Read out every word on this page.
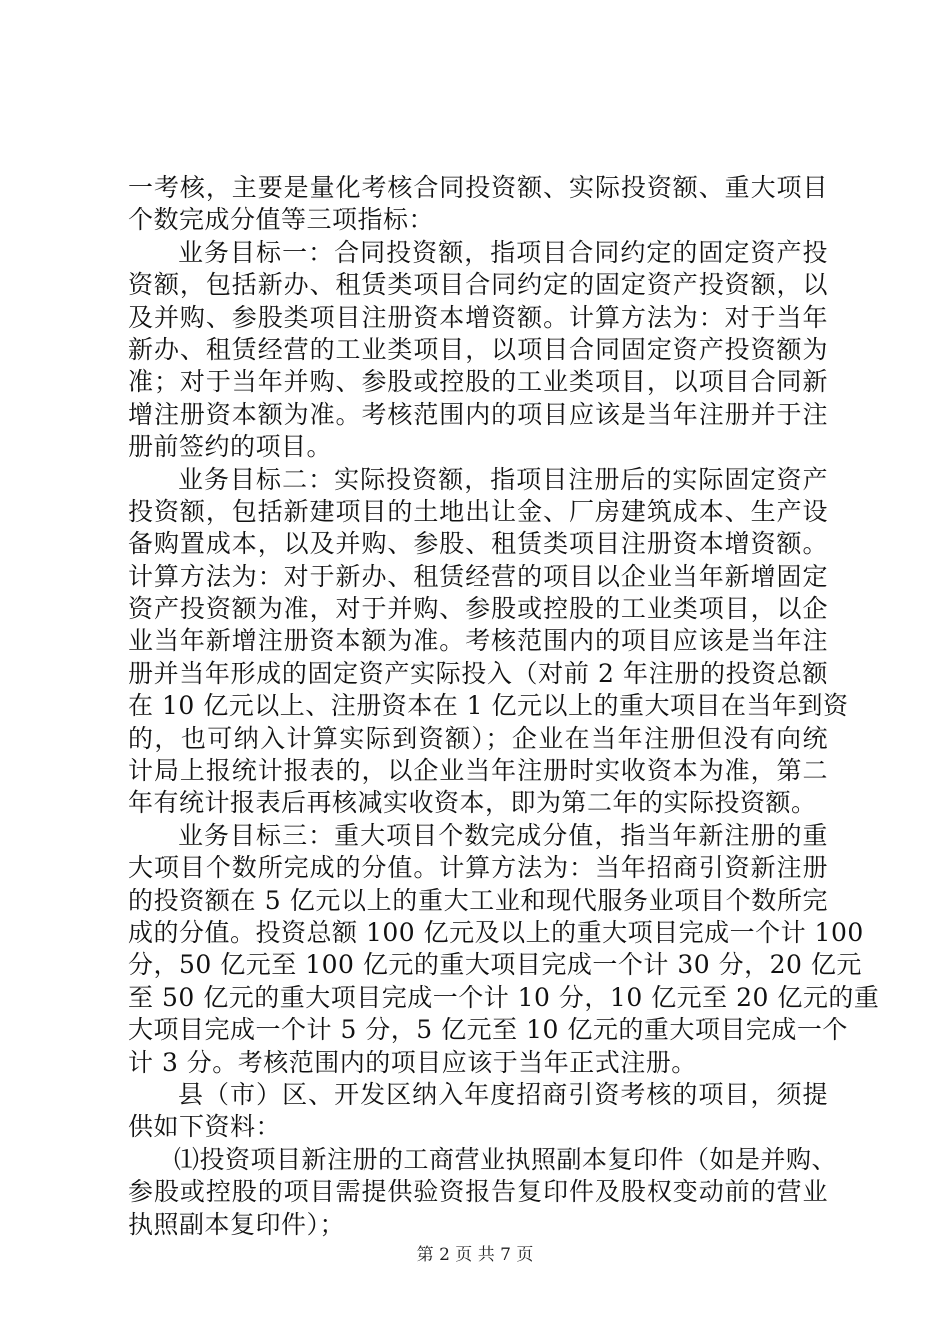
一考核，主要是量化考核合同投资额、实际投资额、重大项目
个数完成分值等三项指标：
业务目标一：合同投资额，指项目合同约定的固定资产投
资额，包括新办、租赁类项目合同约定的固定资产投资额，以
及并购、参股类项目注册资本增资额。计算方法为：对于当年
新办、租赁经营的工业类项目，以项目合同固定资产投资额为
准；对于当年并购、参股或控股的工业类项目，以项目合同新
增注册资本额为准。考核范围内的项目应该是当年注册并于注
册前签约的项目。
业务目标二：实际投资额，指项目注册后的实际固定资产
投资额，包括新建项目的土地出让金、厂房建筑成本、生产设
备购置成本，以及并购、参股、租赁类项目注册资本增资额。
计算方法为：对于新办、租赁经营的项目以企业当年新增固定
资产投资额为准，对于并购、参股或控股的工业类项目，以企
业当年新增注册资本额为准。考核范围内的项目应该是当年注
册并当年形成的固定资产实际投入（对前 2 年注册的投资总额
在 10 亿元以上、注册资本在 1 亿元以上的重大项目在当年到资
的，也可纳入计算实际到资额）；企业在当年注册但没有向统
计局上报统计报表的，以企业当年注册时实收资本为准，第二
年有统计报表后再核减实收资本，即为第二年的实际投资额。
业务目标三：重大项目个数完成分值，指当年新注册的重
大项目个数所完成的分值。计算方法为：当年招商引资新注册
的投资额在 5 亿元以上的重大工业和现代服务业项目个数所完
成的分值。投资总额 100 亿元及以上的重大项目完成一个计 100
分，50 亿元至 100 亿元的重大项目完成一个计 30 分，20 亿元
至 50 亿元的重大项目完成一个计 10 分，10 亿元至 20 亿元的重
大项目完成一个计 5 分，5 亿元至 10 亿元的重大项目完成一个
计 3 分。考核范围内的项目应该于当年正式注册。
县（市）区、开发区纳入年度招商引资考核的项目，须提
供如下资料：
⑴投资项目新注册的工商营业执照副本复印件（如是并购、
参股或控股的项目需提供验资报告复印件及股权变动前的营业
执照副本复印件）；
第 2 页 共 7 页
